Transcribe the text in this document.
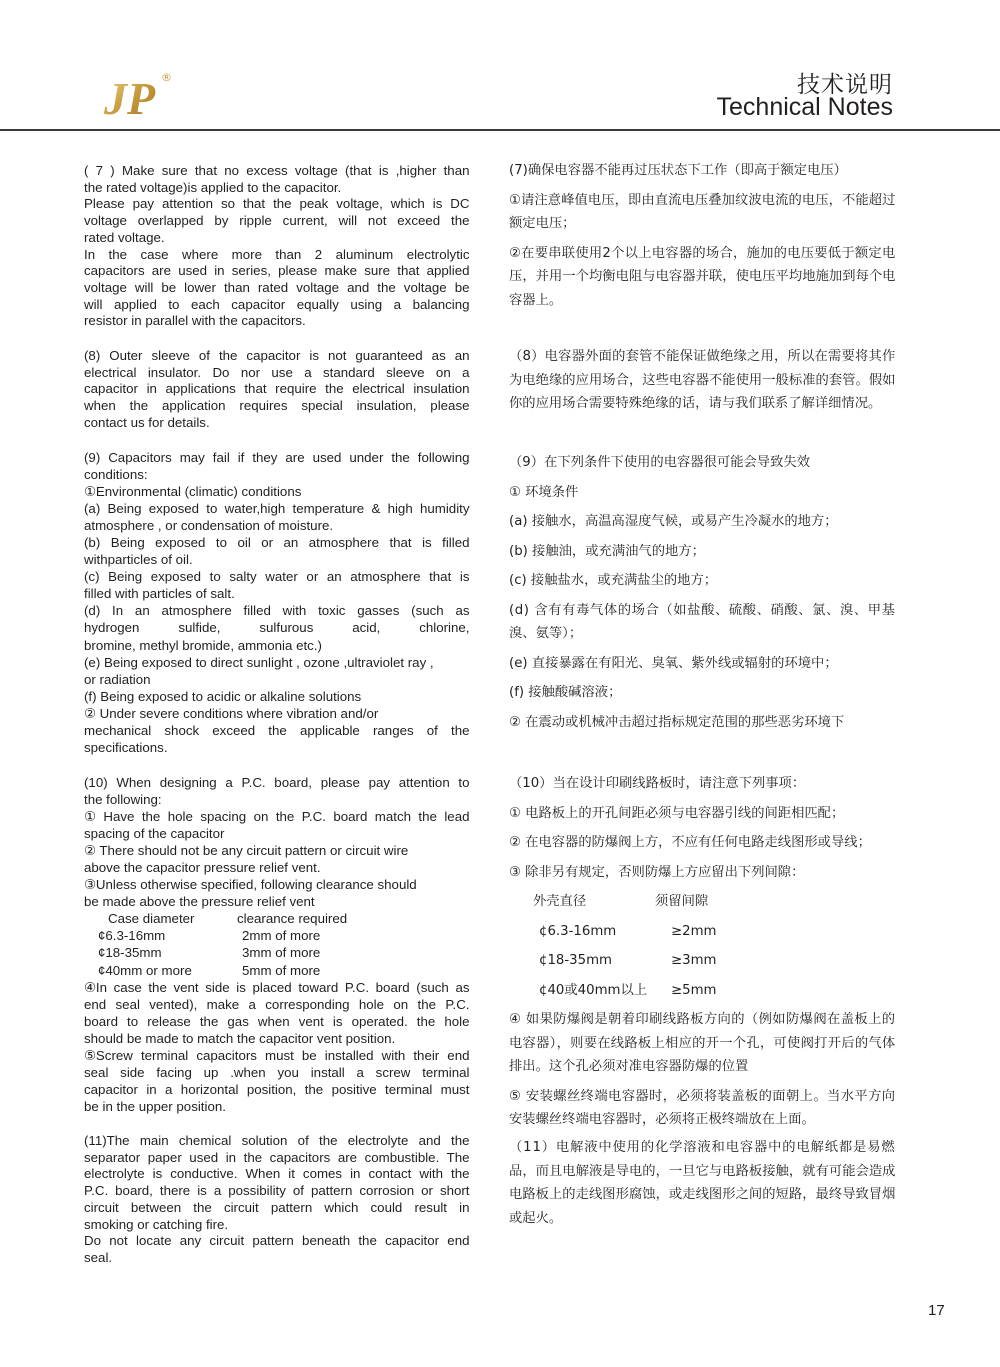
JP ®	技术说明
Technical Notes
( 7 ) Make sure that no excess voltage (that is ,higher than
the rated voltage)is applied to the capacitor.
Please pay attention so that the peak voltage, which is DC
voltage overlapped by ripple current, will not exceed the
rated voltage.
In the case where more than 2 aluminum electrolytic
capacitors are used in series, please make sure that applied
voltage will be lower than rated voltage and the voltage be
will applied to each capacitor equally using a balancing
resistor in parallel with the capacitors.
(8) Outer sleeve of the capacitor is not guaranteed as an
electrical insulator. Do nor use a standard sleeve on a
capacitor in applications that require the electrical insulation
when the application requires special insulation, please
contact us for details.
(9) Capacitors may fail if they are used under the following
conditions:
①Environmental (climatic) conditions
(a) Being exposed to water,high temperature & high humidity
atmosphere , or condensation of moisture.
(b) Being exposed to oil or an atmosphere that is filled
withparticles of oil.
(c) Being exposed to salty water or an atmosphere that is
filled with particles of salt.
(d) In an atmosphere filled with toxic gasses (such as
hydrogen sulfide, sulfurous acid, chlorine,
bromine, methyl bromide, ammonia etc.)
(e) Being exposed to direct sunlight , ozone ,ultraviolet ray ,
or radiation
(f) Being exposed to acidic or alkaline solutions
② Under severe conditions where vibration and/or
mechanical shock exceed the applicable ranges of the
specifications.
(10) When designing a P.C. board, please pay attention to
the following:
① Have the hole spacing on the P.C. board match the lead
spacing of the capacitor
② There should not be any circuit pattern or circuit wire
above the capacitor pressure relief vent.
③Unless otherwise specified, following clearance should
be made above the pressure relief vent
Case diameter	clearance required
¢6.3-16mm	2mm of more
¢18-35mm	3mm of more
¢40mm or more	5mm of more
④In case the vent side is placed toward P.C. board (such as
end seal vented), make a corresponding hole on the P.C.
board to release the gas when vent is operated. the hole
should be made to match the capacitor vent position.
⑤Screw terminal capacitors must be installed with their end
seal side facing up .when you install a screw terminal
capacitor in a horizontal position, the positive terminal must
be in the upper position.
(11)The main chemical solution of the electrolyte and the
separator paper used in the capacitors are combustible. The
electrolyte is conductive. When it comes in contact with the
P.C. board, there is a possibility of pattern corrosion or short
circuit between the circuit pattern which could result in
smoking or catching fire.
Do not locate any circuit pattern beneath the capacitor end
seal.
(7)确保电容器不能再过压状态下工作（即高于额定电压）
①请注意峰值电压，即由直流电压叠加纹波电流的电压，不能超过
额定电压；
②在要串联使用2个以上电容器的场合，施加的电压要低于额定电
压，并用一个均衡电阻与电容器并联，使电压平均地施加到每个电
容器上。
（8）电容器外面的套管不能保证做绝缘之用，所以在需要将其作
为电绝缘的应用场合，这些电容器不能使用一般标准的套管。假如
你的应用场合需要特殊绝缘的话，请与我们联系了解详细情况。
（9）在下列条件下使用的电容器很可能会导致失效
① 环境条件
(a) 接触水，高温高湿度气候，或易产生冷凝水的地方；
(b) 接触油，或充满油气的地方；
(c) 接触盐水，或充满盐尘的地方；
(d) 含有有毒气体的场合（如盐酸、硫酸、硝酸、氯、溴、甲基
溴、氨等）；
(e) 直接暴露在有阳光、臭氧、紫外线或辐射的环境中；
(f) 接触酸碱溶液；
② 在震动或机械冲击超过指标规定范围的那些恶劣环境下
（10）当在设计印刷线路板时，请注意下列事项：
① 电路板上的开孔间距必须与电容器引线的间距相匹配；
② 在电容器的防爆阀上方，不应有任何电路走线图形或导线；
③ 除非另有规定，否则防爆上方应留出下列间隙：
外壳直径	须留间隙
¢6.3-16mm	≥2mm
¢18-35mm	≥3mm
¢40或40mm以上 ≥5mm
④ 如果防爆阀是朝着印刷线路板方向的（例如防爆阀在盖板上的
电容器），则要在线路板上相应的开一个孔，可使阀打开后的气体
排出。这个孔必须对准电容器防爆的位置
⑤ 安装螺丝终端电容器时，必须将装盖板的面朝上。当水平方向
安装螺丝终端电容器时，必须将正极终端放在上面。
（11）电解液中使用的化学溶液和电容器中的电解纸都是易燃
品，而且电解液是导电的，一旦它与电路板接触，就有可能会造成
电路板上的走线图形腐蚀，或走线图形之间的短路，最终导致冒烟
或起火。
17
